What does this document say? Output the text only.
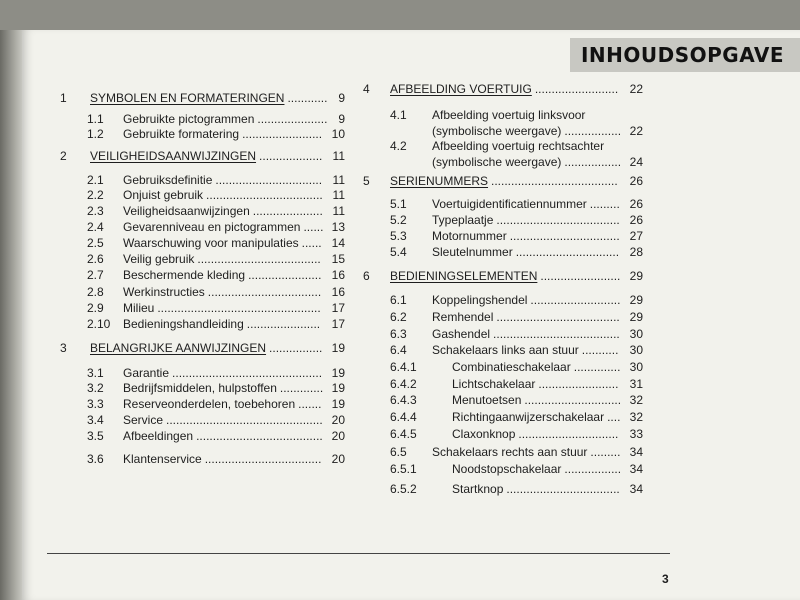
INHOUDSOPGAVE
1 SYMBOLEN EN FORMATERINGEN	9
............
1.1 Gebruikte pictogrammen	9
.....................
1.2 Gebruikte formatering	10
........................
2 VEILIGHEIDSAANWIJZINGEN	11
...................
2.1 Gebruiksdefinitie	11
................................
2.2 Onjuist gebruik	11
...................................
2.3 Veiligheidsaanwijzingen	11
.....................
2.4 Gevarenniveau en pictogrammen	13
......
2.5 Waarschuwing voor manipulaties	14
......
2.6 Veilig gebruik	15
.....................................
2.7 Beschermende kleding	16
......................
2.8 Werkinstructies	16
..................................
2.9 Milieu	17
.................................................
2.10 Bedieningshandleiding	17
......................
3 BELANGRIJKE AANWIJZINGEN	19
................
3.1 Garantie	19
.............................................
3.2 Bedrijfsmiddelen, hulpstoffen	19
.............
3.3 Reserveonderdelen, toebehoren	19
.......
3.4 Service	20
...............................................
3.5 Afbeeldingen	20
......................................
3.6 Klantenservice	20
...................................
4 AFBEELDING VOERTUIG	22
.........................
4.1 Afbeelding voertuig linksvoor
(symbolische weergave)	22
.................
4.2 Afbeelding voertuig rechtsachter
(symbolische weergave)	24
.................
5 SERIENUMMERS	26
......................................
5.1 Voertuigidentificatiennummer	26
.........
5.2 Typeplaatje	26
.....................................
5.3 Motornummer	27
.................................
5.4 Sleutelnummer	28
...............................
6 BEDIENINGSELEMENTEN	29
........................
6.1 Koppelingshendel	29
...........................
6.2 Remhendel	29
.....................................
6.3 Gashendel	30
......................................
6.4 Schakelaars links aan stuur	30
...........
6.4.1	Combinatieschakelaar	30
..............
6.4.2	Lichtschakelaar	31
........................
6.4.3	Menutoetsen	32
.............................
6.4.4	Richtingaanwijzerschakelaar 32
....
6.4.5	Claxonknop	33
..............................
6.5 Schakelaars rechts aan stuur	34
.........
6.5.1	Noodstopschakelaar	34
.................
6.5.2	Startknop	34
..................................
3
